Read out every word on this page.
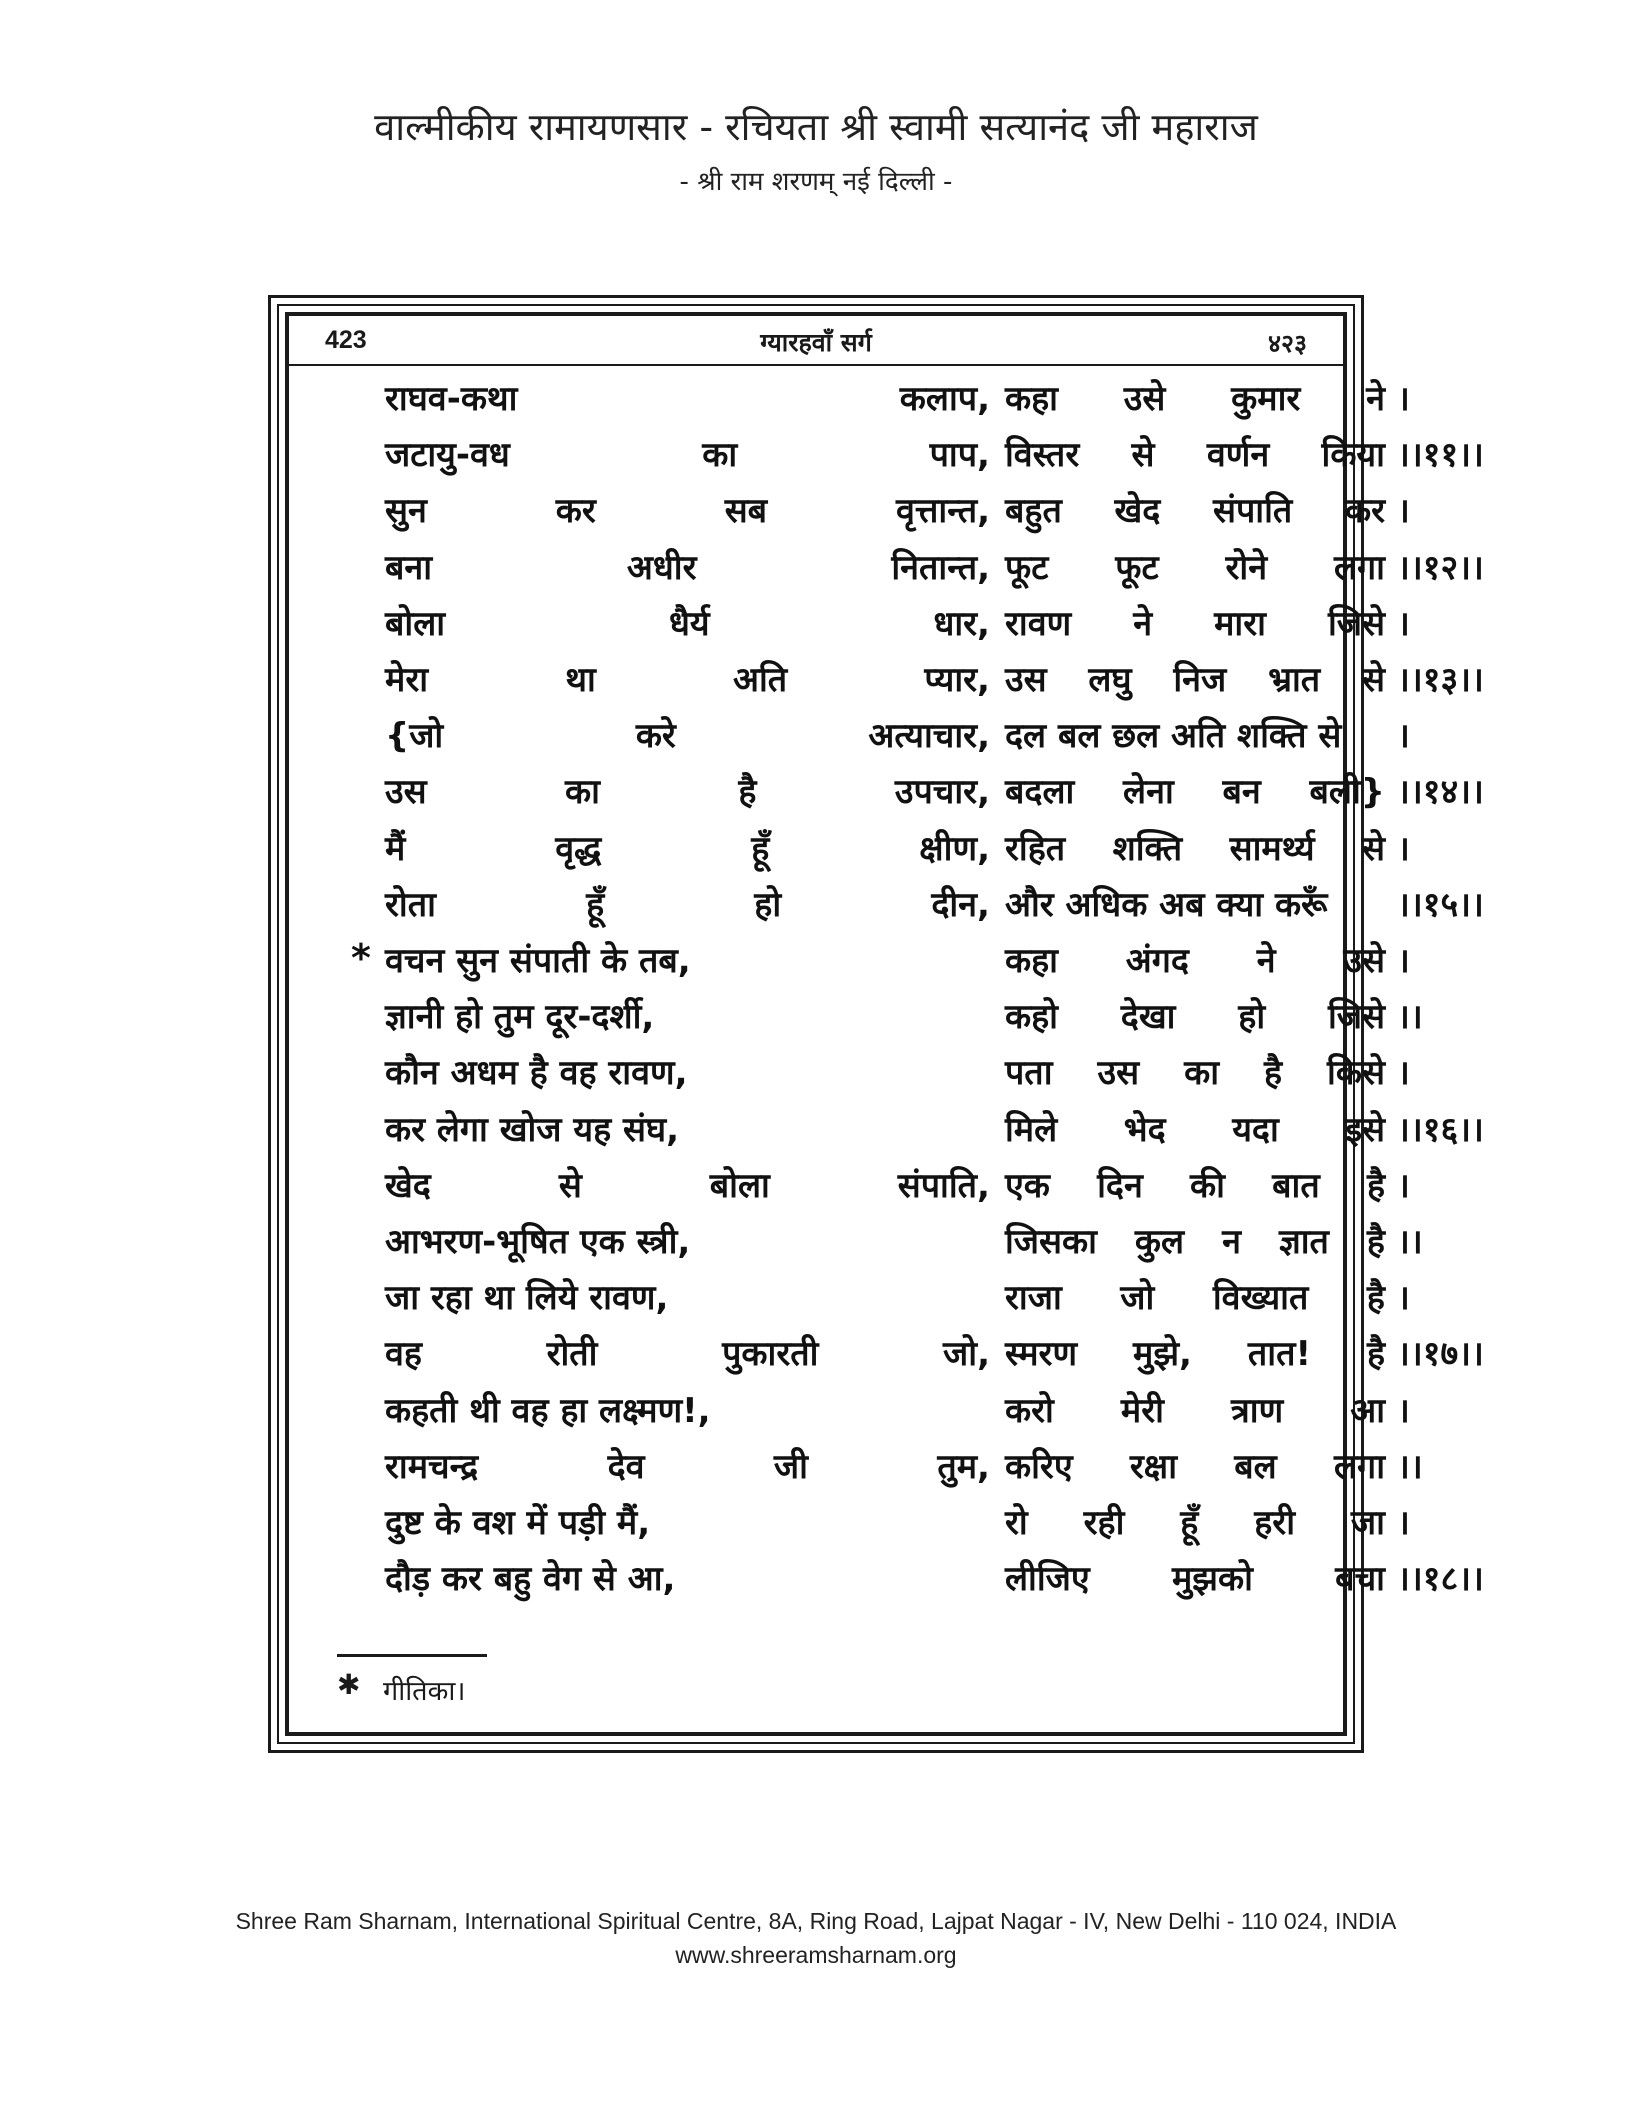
वाल्मीकीय रामायणसार - रचियता श्री स्वामी सत्यानंद जी महाराज
- श्री राम शरणम् नई दिल्ली -
423	ग्यारहवाँ सर्ग	४२३
राघव-कथा	कलाप, कहा उसे कुमार ने ।
जटायु-वध	का	पाप, विस्तर से वर्णन किया ।।११।।
सुन	कर	सब	वृत्तान्त, बहुत खेद संपाति कर ।
बना	अधीर	नितान्त, फूट फूट रोने लगा ।।१२।।
बोला	धैर्य	धार, रावण ने मारा जिसे ।
मेरा	था	अति	प्यार, उस लघु निज भ्रात से ।।१३।।
{जो	करे	अत्याचार, दल बल छल अति शक्ति से ।
उस	का	है	उपचार, बदला लेना बन बली} ।।१४।।
मैं	वृद्ध	हूँ	क्षीण, रहित शक्ति सामर्थ्य से ।
रोता	हूँ	हो	दीन, और अधिक अब क्या करूँ ।।१५।।
* वचन सुन संपाती के तब,	कहा अंगद ने उसे ।
ज्ञानी हो तुम दूर-दर्शी,	कहो देखा हो जिसे ।।
कौन अधम है वह रावण,	पता उस का है किसे ।
कर लेगा खोज यह संघ,	मिले भेद यदा इसे ।।१६।।
खेद	से	बोला	संपाति, एक दिन की बात है ।
आभरण-भूषित एक स्त्री,	जिसका कुल न ज्ञात है ।।
जा रहा था लिये रावण,	राजा जो विख्यात है ।
वह	रोती	पुकारती	जो, स्मरण मुझे, तात! है ।।१७।।
कहती थी वह हा लक्ष्मण!,	करो मेरी त्राण आ ।
रामचन्द्र	देव	जी	तुम, करिए रक्षा बल लगा ।।
दुष्ट के वश में पड़ी मैं,	रो रही हूँ हरी जा ।
दौड़ कर बहु वेग से आ,	लीजिए मुझको बचा ।।१८।।
✱ गीतिका।
Shree Ram Sharnam, International Spiritual Centre, 8A, Ring Road, Lajpat Nagar - IV, New Delhi - 110 024, INDIA
www.shreeramsharnam.org
